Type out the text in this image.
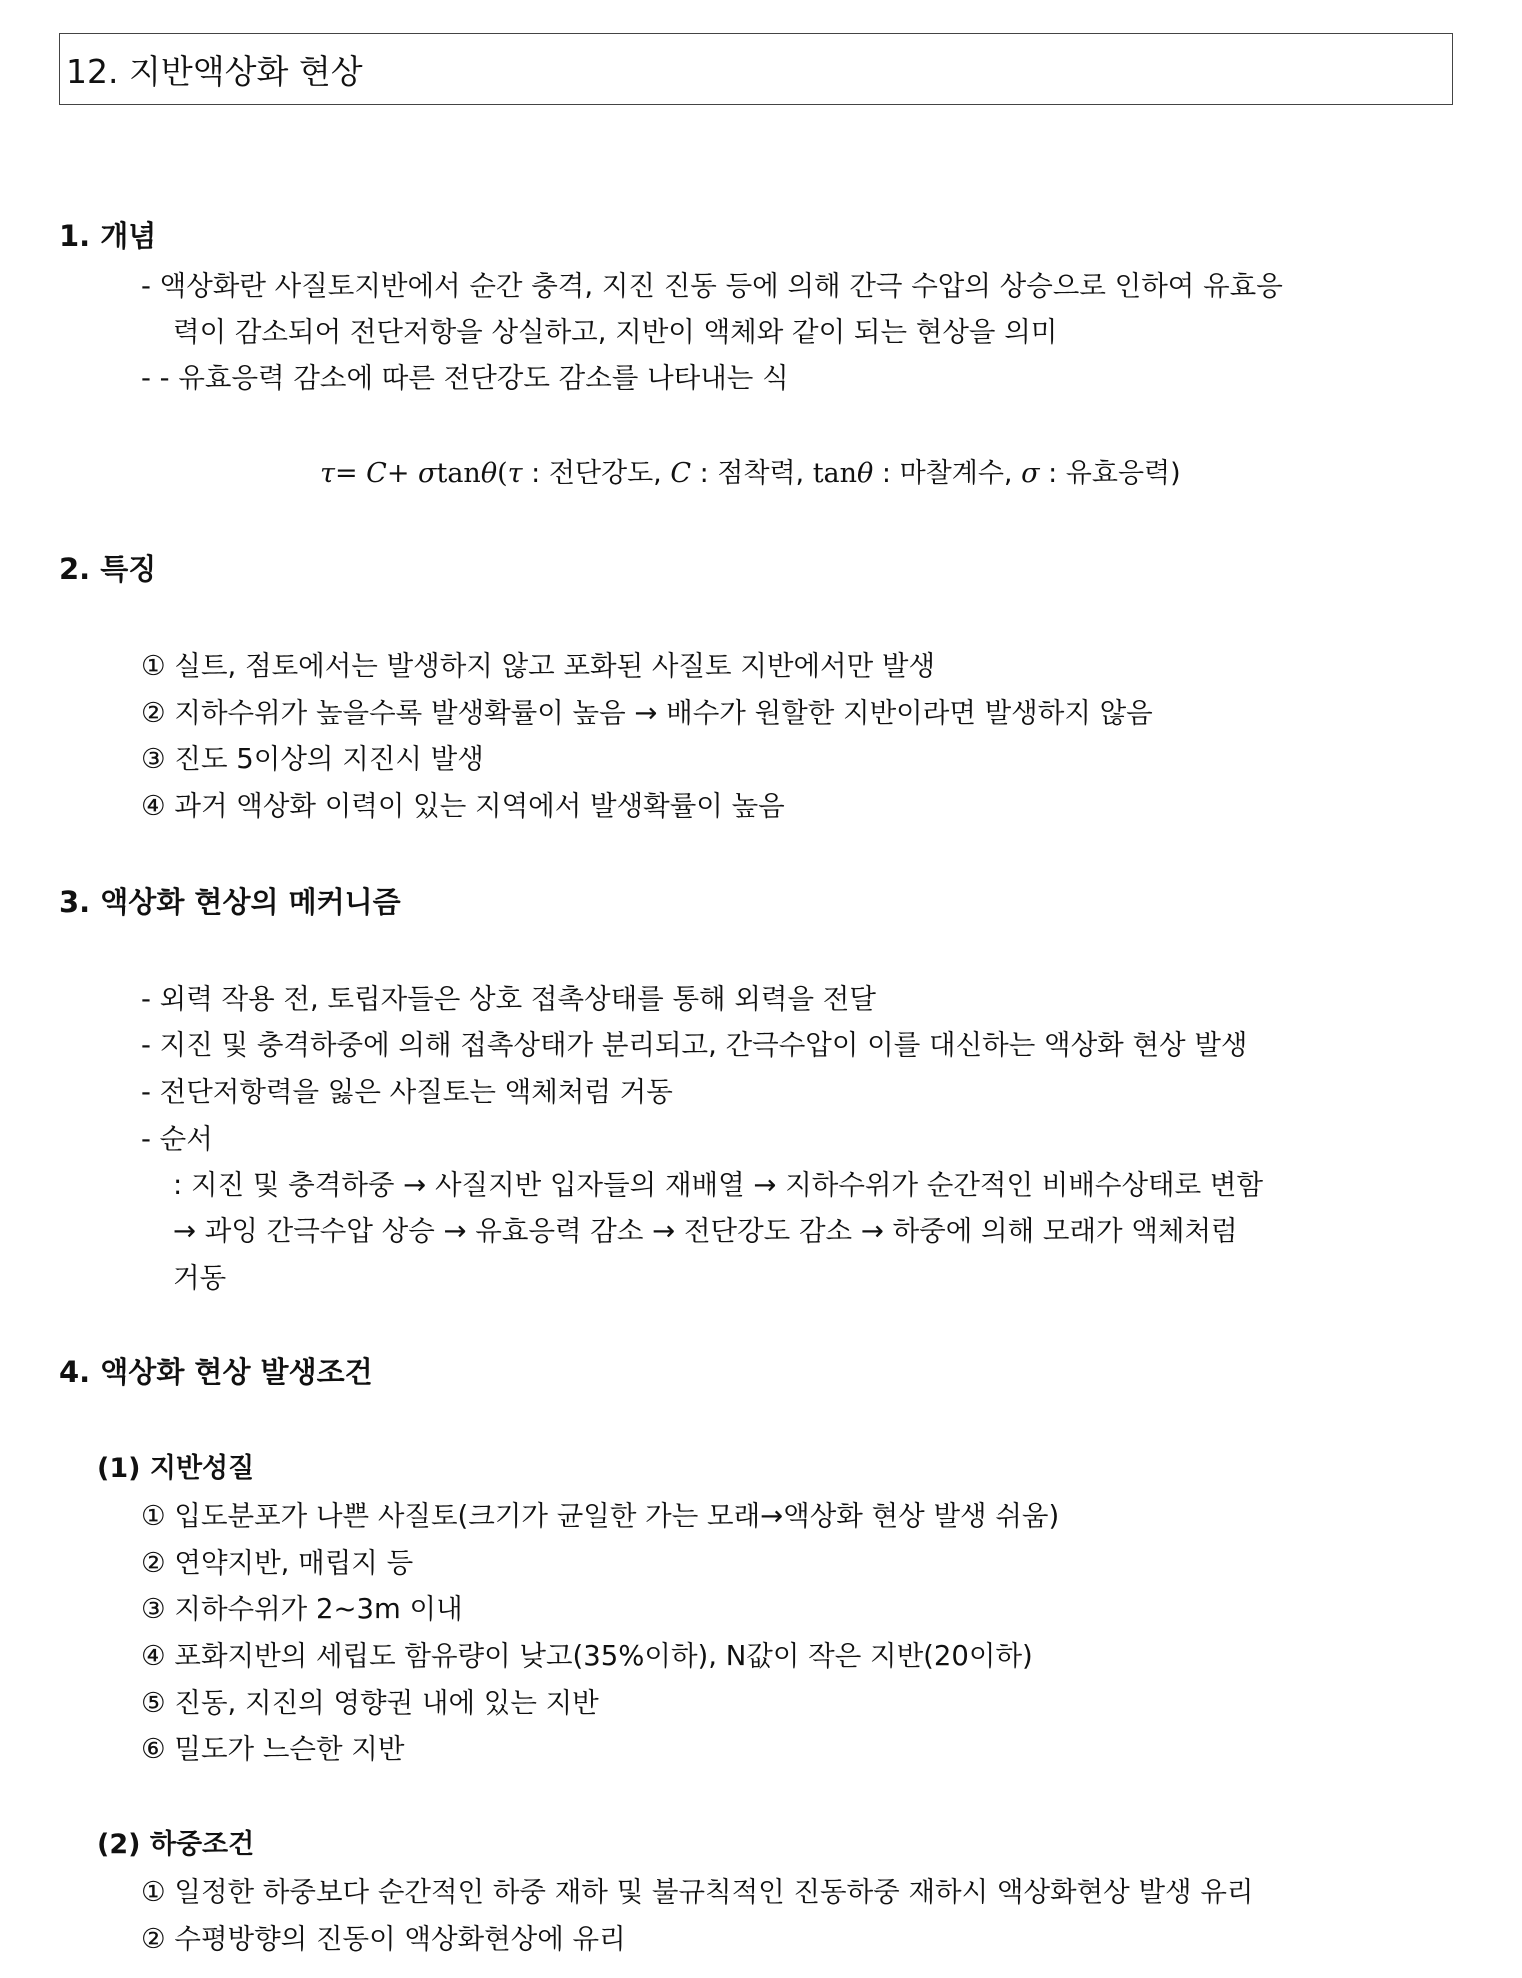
12. 지반액상화 현상
1. 개념
- 액상화란 사질토지반에서 순간 충격, 지진 진동 등에 의해 간극 수압의 상승으로 인하여 유효응
력이 감소되어 전단저항을 상실하고, 지반이 액체와 같이 되는 현상을 의미
- - 유효응력 감소에 따른 전단강도 감소를 나타내는 식
τ= C+ σtanθ(τ : 전단강도, C : 점착력, tanθ : 마찰계수, σ : 유효응력)
2. 특징
① 실트, 점토에서는 발생하지 않고 포화된 사질토 지반에서만 발생
② 지하수위가 높을수록 발생확률이 높음 → 배수가 원할한 지반이라면 발생하지 않음
③ 진도 5이상의 지진시 발생
④ 과거 액상화 이력이 있는 지역에서 발생확률이 높음
3. 액상화 현상의 메커니즘
- 외력 작용 전, 토립자들은 상호 접촉상태를 통해 외력을 전달
- 지진 및 충격하중에 의해 접촉상태가 분리되고, 간극수압이 이를 대신하는 액상화 현상 발생
- 전단저항력을 잃은 사질토는 액체처럼 거동
- 순서
: 지진 및 충격하중 → 사질지반 입자들의 재배열 → 지하수위가 순간적인 비배수상태로 변함
→ 과잉 간극수압 상승 → 유효응력 감소 → 전단강도 감소 → 하중에 의해 모래가 액체처럼
거동
4. 액상화 현상 발생조건
(1) 지반성질
① 입도분포가 나쁜 사질토(크기가 균일한 가는 모래→액상화 현상 발생 쉬움)
② 연약지반, 매립지 등
③ 지하수위가 2~3m 이내
④ 포화지반의 세립도 함유량이 낮고(35%이하), N값이 작은 지반(20이하)
⑤ 진동, 지진의 영향권 내에 있는 지반
⑥ 밀도가 느슨한 지반
(2) 하중조건
① 일정한 하중보다 순간적인 하중 재하 및 불규칙적인 진동하중 재하시 액상화현상 발생 유리
② 수평방향의 진동이 액상화현상에 유리
